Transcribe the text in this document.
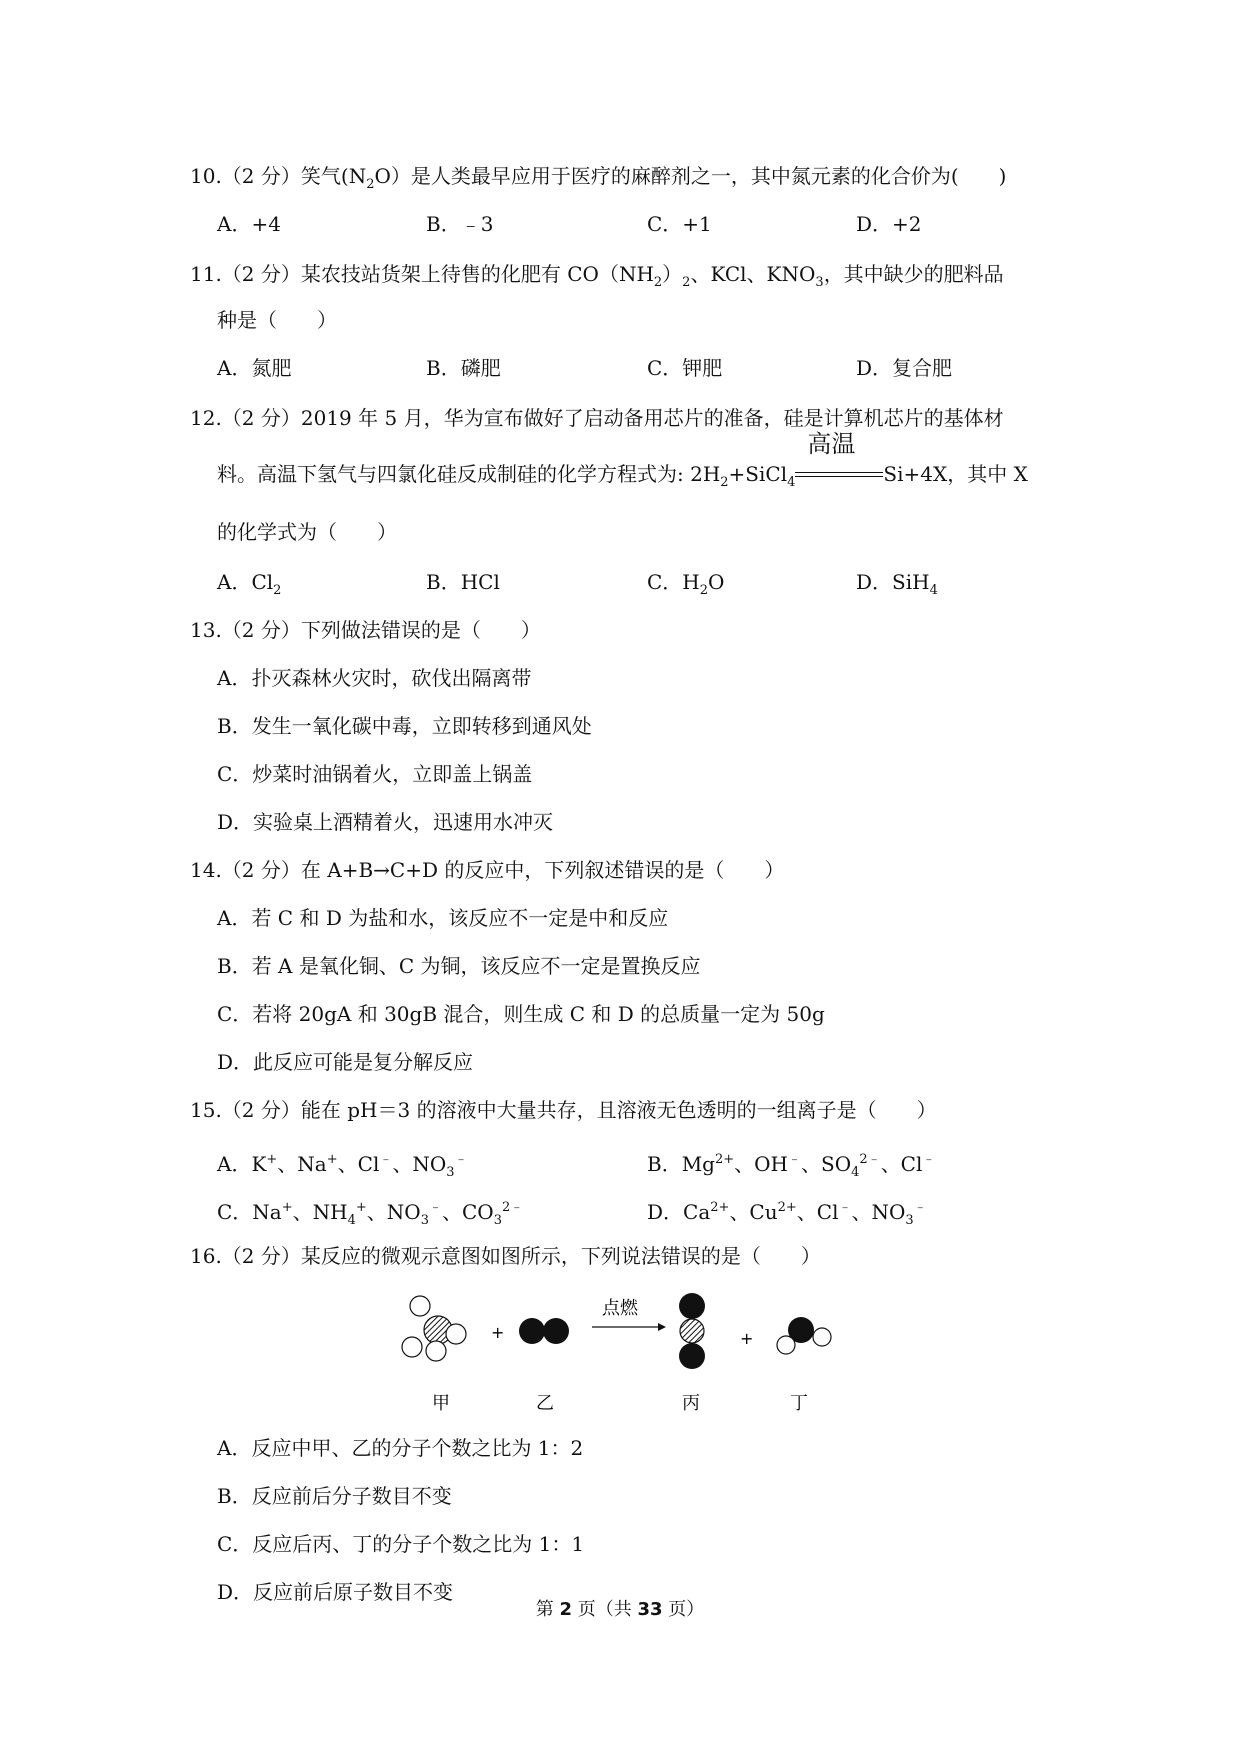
10.（2 分）笑气$(N_2O)$是人类最早应用于医疗的麻醉剂之一，其中氮元素的化合价为(　　)
A．+4	B．﹣3	C．+1	D．+2
11.（2 分）某农技站货架上待售的化肥有 $CO(NH_2)_2$、KCl、$KNO_3$，其中缺少的肥料品
种是（　　）
A．氮肥	B．磷肥	C．钾肥	D．复合肥
12.（2 分）2019 年 5 月，华为宣布做好了启动备用芯片的准备，硅是计算机芯片的基体材
料。高温下氢气与四氯化硅反成制硅的化学方程式为: $2H_2+SiCl_4$
高温
Si+4X，其中 X
的化学式为（　　）
A．$Cl_2$	B．HCl	C．$H_2O$	D．SiH$_4$
13.（2 分）下列做法错误的是（　　）
A．扑灭森林火灾时，砍伐出隔离带
B．发生一氧化碳中毒，立即转移到通风处
C．炒菜时油锅着火，立即盖上锅盖
D．实验桌上酒精着火，迅速用水冲灭
14.（2 分）在 A+B→C+D 的反应中，下列叙述错误的是（　　）
A．若 C 和 D 为盐和水，该反应不一定是中和反应
B．若 A 是氧化铜、C 为铜，该反应不一定是置换反应
C．若将 20gA 和 30gB 混合，则生成 C 和 D 的总质量一定为 50g
D．此反应可能是复分解反应
15.（2 分）能在 pH＝3 的溶液中大量共存，且溶液无色透明的一组离子是（　　）
A．K+、Na+、Cl﹣、$NO_3^﹣$	B．$Mg^{2+}$、OH﹣、$SO_4^{2﹣}$、Cl﹣
C．Na+、$NH_4^+$、$NO_3^﹣$、$CO_3^{2﹣}$	D．$Ca^{2+}$、$Cu^{2+}$、Cl﹣、$NO_3^﹣$
16.（2 分）某反应的微观示意图如图所示，下列说法错误的是（　　）
+
点燃
+
甲	乙	丙	丁
A．反应中甲、乙的分子个数之比为 1：2
B．反应前后分子数目不变
C．反应后丙、丁的分子个数之比为 1：1
D．反应前后原子数目不变
第 2 页（共 33 页）
